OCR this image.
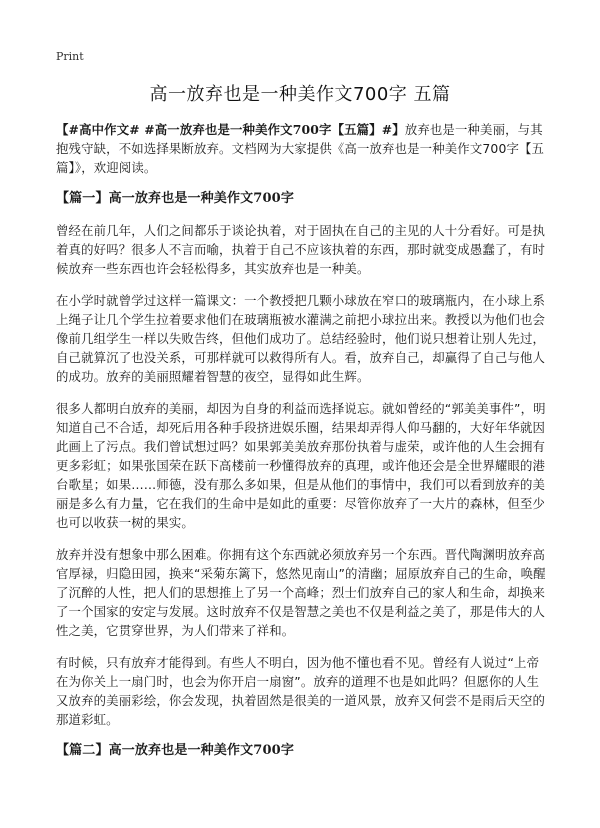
Print
高一放弃也是一种美作文700字 五篇

【#高中作文# #高一放弃也是一种美作文700字【五篇】#】放弃也是一种美丽，与其抱残守缺，不如选择果断放弃。文档网为大家提供《高一放弃也是一种美作文700字【五篇】》，欢迎阅读。

【篇一】高一放弃也是一种美作文700字

曾经在前几年，人们之间都乐于谈论执着，对于固执在自己的主见的人十分看好。可是执着真的好吗？很多人不言而喻，执着于自己不应该执着的东西，那时就变成愚蠢了，有时候放弃一些东西也许会轻松得多，其实放弃也是一种美。

在小学时就曾学过这样一篇课文：一个教授把几颗小球放在窄口的玻璃瓶内，在小球上系上绳子让几个学生拉着要求他们在玻璃瓶被水灌满之前把小球拉出来。教授以为他们也会像前几组学生一样以失败告终，但他们成功了。总结经验时，他们说只想着让别人先过，自己就算沉了也没关系，可那样就可以救得所有人。看，放弃自己，却赢得了自己与他人的成功。放弃的美丽照耀着智慧的夜空，显得如此生辉。

很多人都明白放弃的美丽，却因为自身的利益而选择说忘。就如曾经的“郭美美事件”，明知道自己不合适，却死后用各种手段挤进娱乐圈，结果却弄得人仰马翻的，大好年华就因此画上了污点。我们曾试想过吗？如果郭美美放弃那份执着与虚荣，或许他的人生会拥有更多彩虹；如果张国荣在跃下高楼前一秒懂得放弃的真理，或许他还会是全世界耀眼的港台歌星；如果……师德，没有那么多如果，但是从他们的事情中，我们可以看到放弃的美丽是多么有力量，它在我们的生命中是如此的重要：尽管你放弃了一大片的森林，但至少也可以收获一树的果实。

放弃并没有想象中那么困难。你拥有这个东西就必须放弃另一个东西。晋代陶渊明放弃高官厚禄，归隐田园，换来“采菊东篱下，悠然见南山”的清幽；屈原放弃自己的生命，唤醒了沉醉的人性，把人们的思想推上了另一个高峰；烈士们放弃自己的家人和生命，却换来了一个国家的安定与发展。这时放弃不仅是智慧之美也不仅是利益之美了，那是伟大的人性之美，它贯穿世界，为人们带来了祥和。

有时候，只有放弃才能得到。有些人不明白，因为他不懂也看不见。曾经有人说过“上帝在为你关上一扇门时，也会为你开启一扇窗”。放弃的道理不也是如此吗？但愿你的人生又放弃的美丽彩绘，你会发现，执着固然是很美的一道风景，放弃又何尝不是雨后天空的那道彩虹。

【篇二】高一放弃也是一种美作文700字
